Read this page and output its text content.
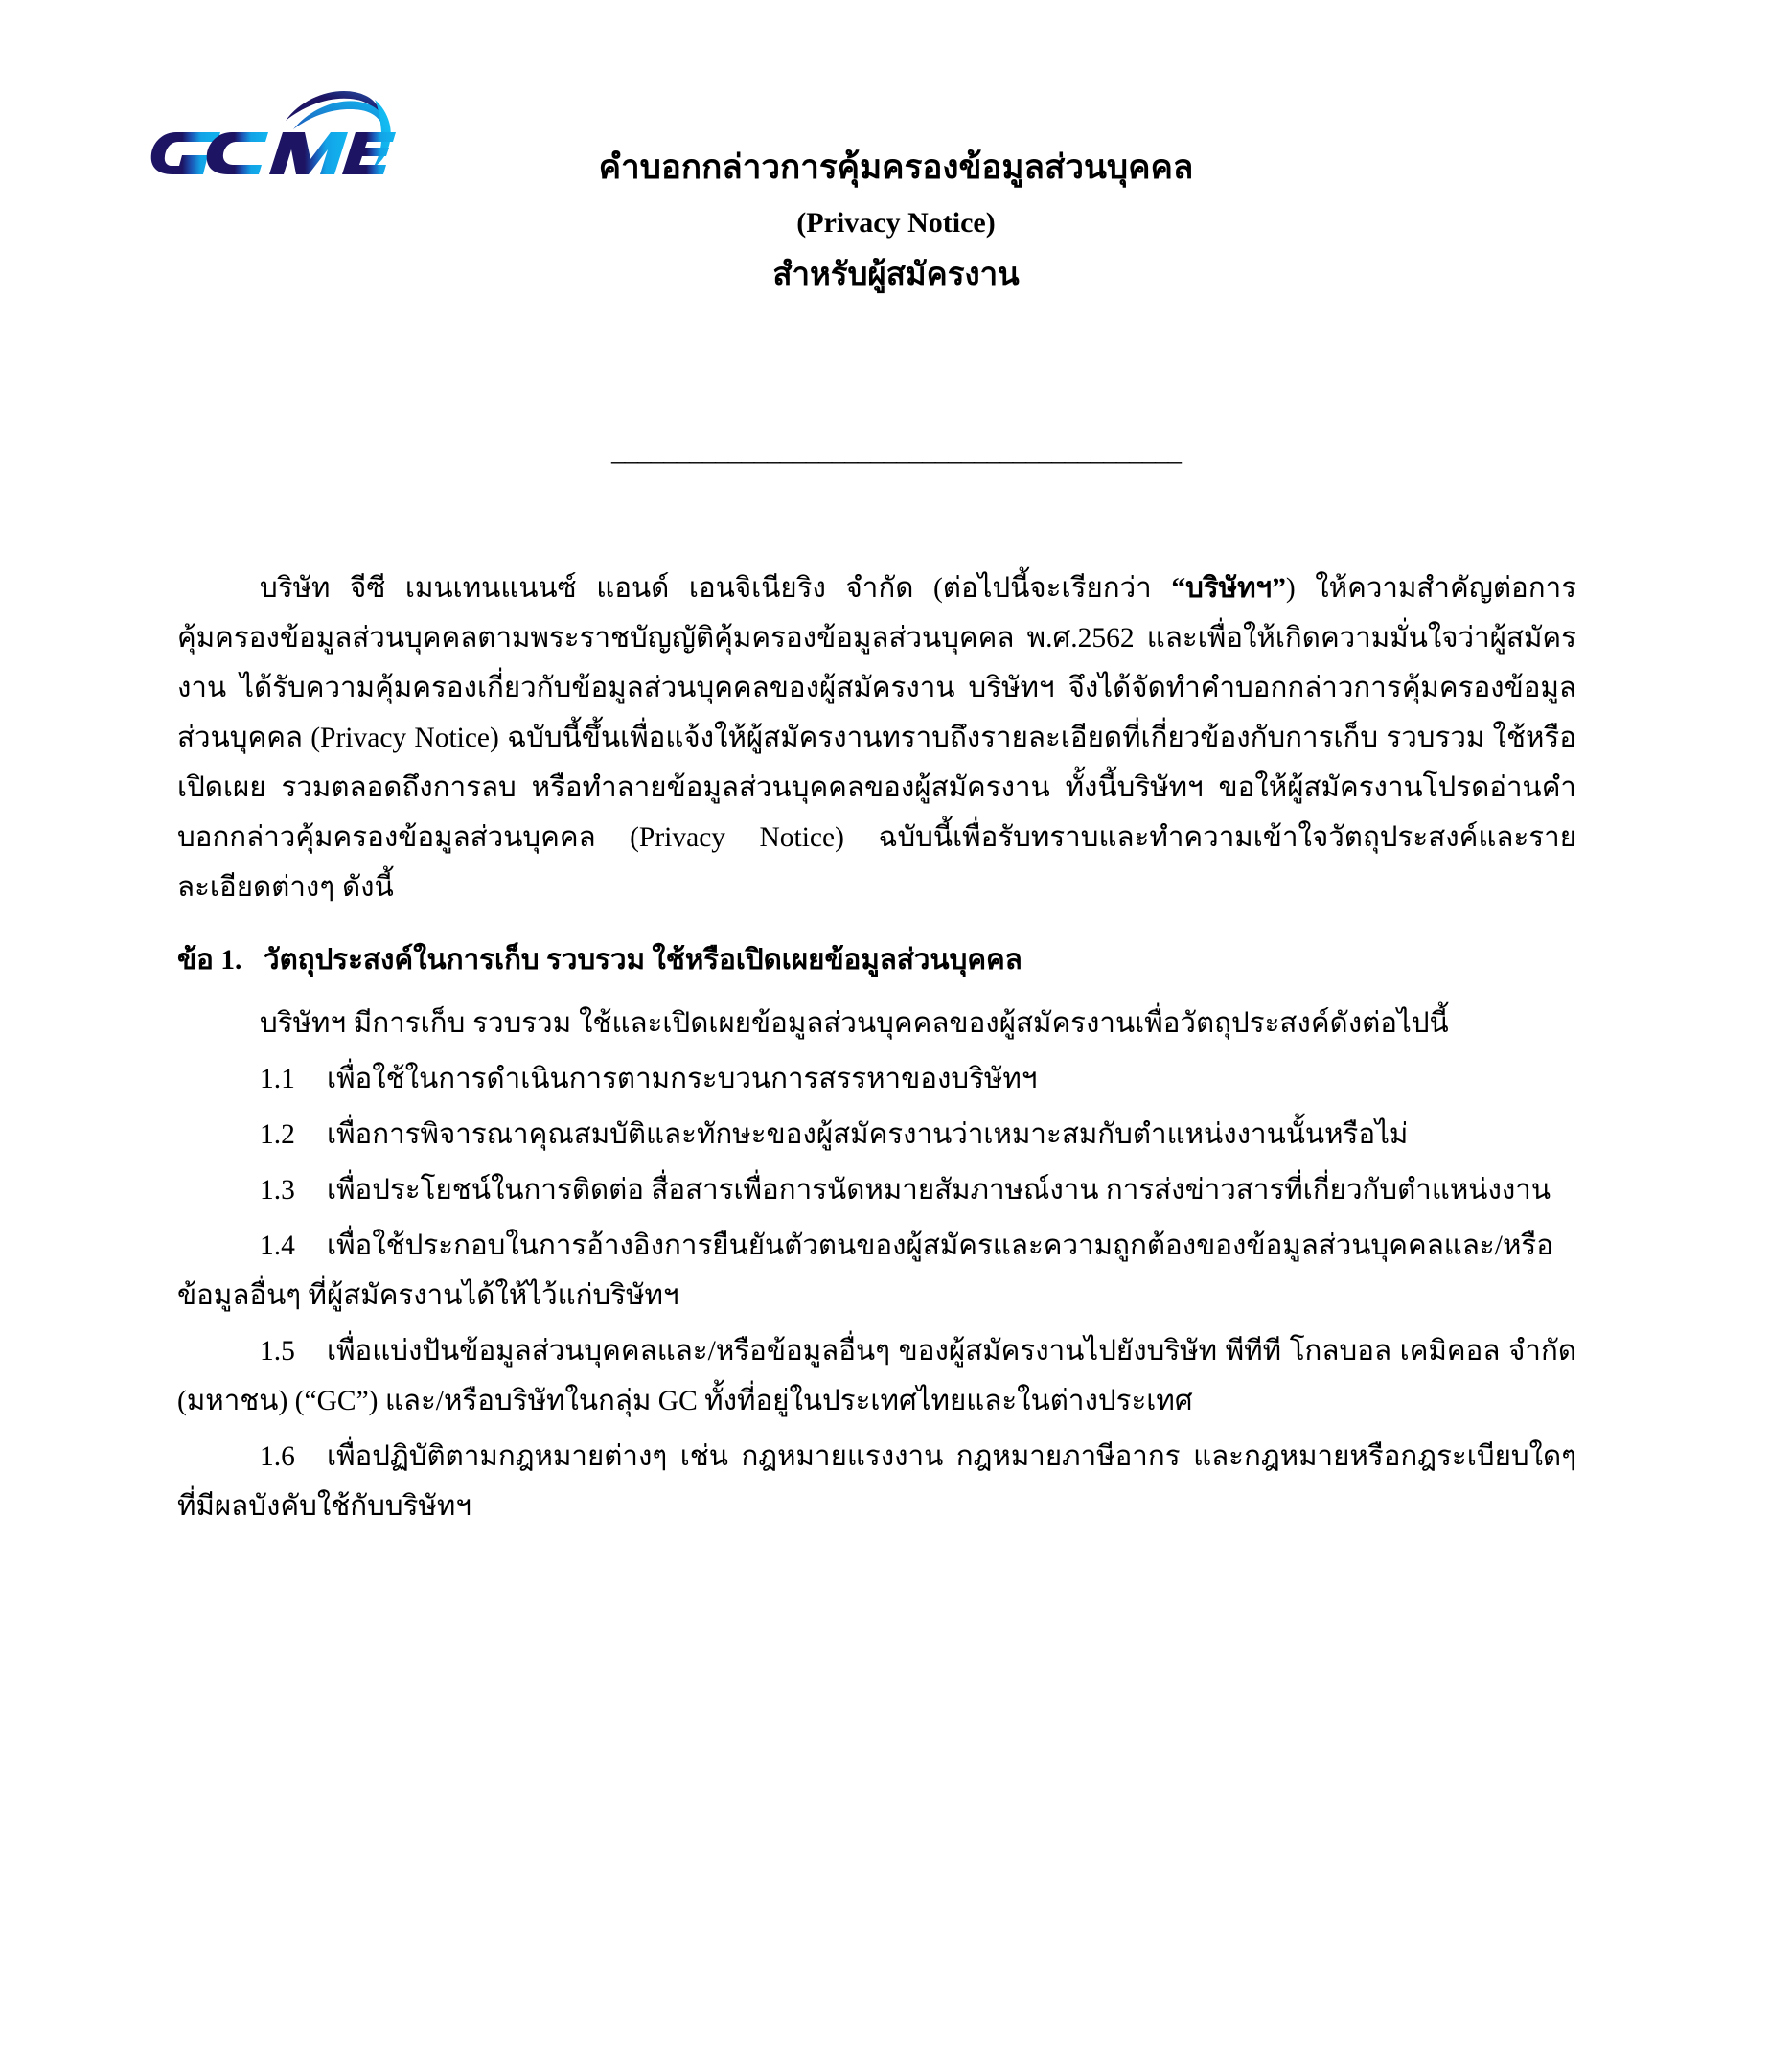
คำบอกกล่าวการคุ้มครองข้อมูลส่วนบุคคล
(Privacy Notice)
สำหรับผู้สมัครงาน
____________________________________________

บริษัท จีซี เมนเทนแนนซ์ แอนด์ เอนจิเนียริง จำกัด (ต่อไปนี้จะเรียกว่า “บริษัทฯ”) ให้ความสำคัญต่อการคุ้มครองข้อมูลส่วนบุคคลตามพระราชบัญญัติคุ้มครองข้อมูลส่วนบุคคล พ.ศ.2562 และเพื่อให้เกิดความมั่นใจว่าผู้สมัครงาน ได้รับความคุ้มครองเกี่ยวกับข้อมูลส่วนบุคคลของผู้สมัครงาน บริษัทฯ จึงได้จัดทำคำบอกกล่าวการคุ้มครองข้อมูลส่วนบุคคล (Privacy Notice) ฉบับนี้ขึ้นเพื่อแจ้งให้ผู้สมัครงานทราบถึงรายละเอียดที่เกี่ยวข้องกับการเก็บ รวบรวม ใช้หรือเปิดเผย รวมตลอดถึงการลบ หรือทำลายข้อมูลส่วนบุคคลของผู้สมัครงาน ทั้งนี้บริษัทฯ ขอให้ผู้สมัครงานโปรดอ่านคำบอกกล่าวคุ้มครองข้อมูลส่วนบุคคล (Privacy Notice) ฉบับนี้เพื่อรับทราบและทำความเข้าใจวัตถุประสงค์และรายละเอียดต่างๆ ดังนี้

ข้อ 1. วัตถุประสงค์ในการเก็บ รวบรวม ใช้หรือเปิดเผยข้อมูลส่วนบุคคล

บริษัทฯ มีการเก็บ รวบรวม ใช้และเปิดเผยข้อมูลส่วนบุคคลของผู้สมัครงานเพื่อวัตถุประสงค์ดังต่อไปนี้

1.1 เพื่อใช้ในการดำเนินการตามกระบวนการสรรหาของบริษัทฯ

1.2 เพื่อการพิจารณาคุณสมบัติและทักษะของผู้สมัครงานว่าเหมาะสมกับตำแหน่งงานนั้นหรือไม่

1.3 เพื่อประโยชน์ในการติดต่อ สื่อสารเพื่อการนัดหมายสัมภาษณ์งาน การส่งข่าวสารที่เกี่ยวกับตำแหน่งงาน

1.4 เพื่อใช้ประกอบในการอ้างอิงการยืนยันตัวตนของผู้สมัครและความถูกต้องของข้อมูลส่วนบุคคลและ/หรือข้อมูลอื่นๆ ที่ผู้สมัครงานได้ให้ไว้แก่บริษัทฯ

1.5 เพื่อแบ่งปันข้อมูลส่วนบุคคลและ/หรือข้อมูลอื่นๆ ของผู้สมัครงานไปยังบริษัท พีทีที โกลบอล เคมิคอล จำกัด (มหาชน) (“GC”) และ/หรือบริษัทในกลุ่ม GC ทั้งที่อยู่ในประเทศไทยและในต่างประเทศ

1.6 เพื่อปฏิบัติตามกฎหมายต่างๆ เช่น กฎหมายแรงงาน กฎหมายภาษีอากร และกฎหมายหรือกฎระเบียบใดๆ ที่มีผลบังคับใช้กับบริษัทฯ
